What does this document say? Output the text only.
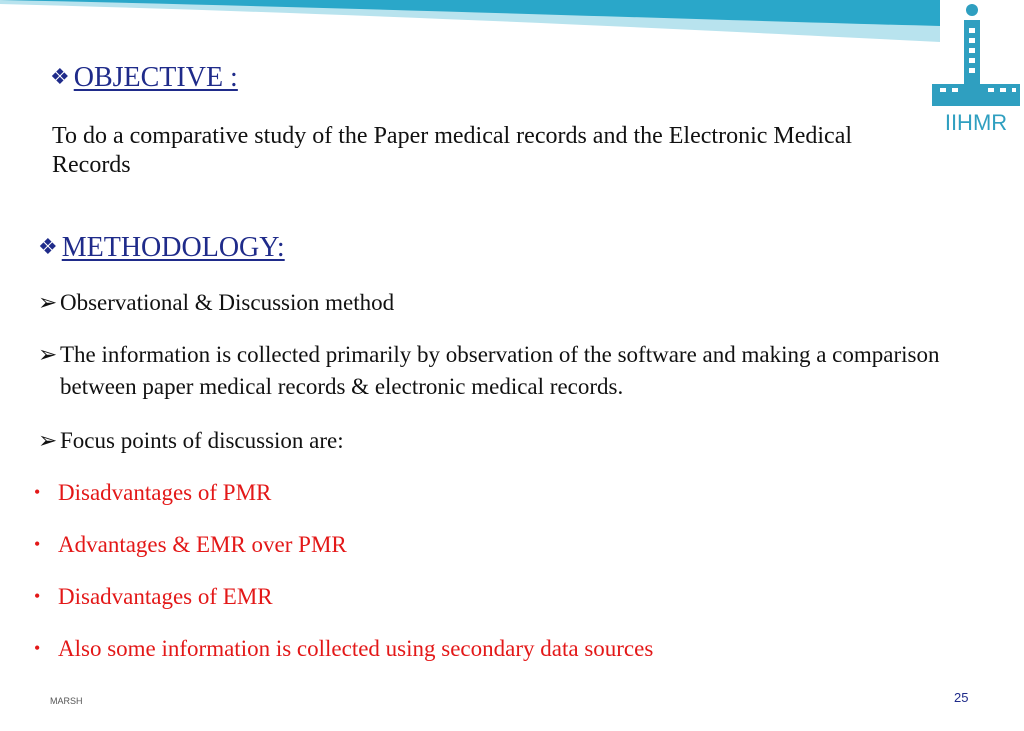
IIHMR
❖ OBJECTIVE :
To do a comparative study of the Paper medical records and the Electronic Medical Records
❖ METHODOLOGY:
➢ Observational & Discussion method
➢ The information is collected primarily by observation of the software and making a comparison between paper medical records & electronic medical records.
➢ Focus points of discussion are:
• Disadvantages of PMR
• Advantages & EMR over PMR
• Disadvantages of EMR
• Also some information is collected using secondary data sources
MARSH	25
